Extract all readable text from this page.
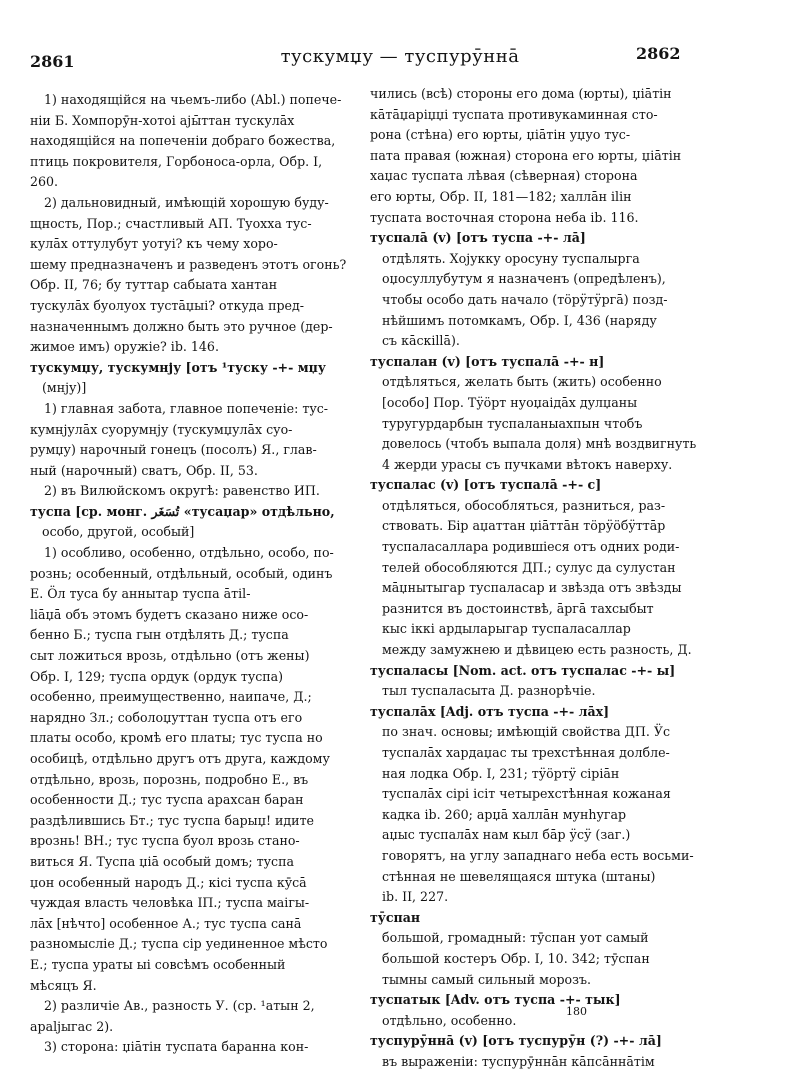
2861	тускумџу — туспурӯннā	2862
1) находящійся на чьемъ-либо (Abl.) попече-
ніи Б. Хомпорӯн-хотоі аjы̄ттан тускулāх
находящійся на попеченіи добраго божества,
птиць покровителя, Горбоноса-орла, Обр. I,
260.
2) дальновидный, имѣющій хорошую буду-
щность, Пор.; счастливый АП. Туохха тус-
кулāх оттулубут уотуі? къ чему хоро-
шему предназначенъ и разведенъ этотъ огонь?
Обр. II, 76; бу туттар сабыата хантан
тускулāх буолуох тустāџыі? откуда пред-
назначеннымъ должно быть это ручное (дер-
жимое имъ) оружіе? ib. 146.
тускумџу, тускумнју [отъ ¹туску -+- мџу
(мнју)]
1) главная забота, главное попеченіе: тус-
кумнјулāх суорумнју (тускумџулāх суо-
румџу) нарочный гонецъ (посолъ) Я., глав-
ный (нарочный) сватъ, Обр. II, 53.
2) въ Вилюйскомъ округѣ: равенство ИП.
туспа [ср. монг. تُسَغَر «тусаџар» отдѣльно,
особо, другой, особый]
1) особливо, особенно, отдѣльно, особо, по-
рознь; особенный, отдѣльный, особый, одинъ
Е. Ӧл туса бу аннытар туспа āтіl-
lіāџā объ этомъ будетъ сказано ниже осо-
бенно Б.; туспа гын отдѣлять Д.; туспа
сыт ложиться врозь, отдѣльно (отъ жены)
Обр. I, 129; туспа ордук (ордук туспа)
особенно, преимущественно, наипаче, Д.;
нарядно Зл.; соболоџуттан туспа отъ его
платы особо, кромѣ его платы; тус туспа но
особицѣ, отдѣльно другъ отъ друга, каждому
отдѣльно, врозь, порознь, подробно Е., въ
особенности Д.; тус туспа арахсан баран
раздѣлившись Бт.; тус туспа барыџ! идите
врознь! ВН.; тус туспа бyол врозь стано-
виться Я. Туспа џіā особый домъ; туспа
џон особенный народъ Д.; кісі туспа кӯсā
чуждая власть человѣка ІП.; туспа маігы-
лāх [нѣчто] особенное А.; тус туспа санā
разномысліе Д.; туспа сір уединенное мѣсто
Е.; туспа ураты ыі совсѣмъ особенный
мѣсяцъ Я.
2) различіе Ав., разность У. (ср. ¹атын 2,
араlјыгас 2).
3) сторона: џіāтін туспата баранна кон-
чились (всѣ) стороны его дома (юрты), џіāтін
кāтāџарiџџi туспата противукаминная сто-
рона (стѣна) его юрты, џіāтін уџуо тус-
пата правая (южная) сторона его юрты, џіāтін
хаџас туспата лѣвая (сѣверная) сторона
его юрты, Обр. II, 181—182; халлāн іlін
туспата восточная сторона неба ib. 116.
туспалā (v) [отъ туспа -+- лā]
отдѣлять. Хојукку оросуну туспалырга
оџосуллубутум я назначенъ (опредѣленъ),
чтобы особо дать начало (тӧрӱтӱргā) позд-
нѣйшимъ потомкамъ, Обр. I, 436 (наряду
съ кāскіllā).
туспалан (v) [отъ туспалā -+- н]
отдѣляться, желать быть (жить) особенно
[особо] Пор. Тӱӧрт нуоџаідāх дулџаны
туругурдарбын туспаланыахпын чтобъ
довелось (чтобъ выпала доля) мнѣ воздвигнуть
4 жерди урасы съ пучками вѣтокъ наверху.
туспалас (v) [отъ туспалā -+- с]
отдѣляться, обособляться, разниться, раз-
ствовать. Бір аџаттан џіāттāн тӧрӱӧбӱттāр
туспаласаллара родившіеся отъ одних роди-
телей обособляются ДП.; сулус да сулустан
мāџнытыгар туспаласар и звѣзда отъ звѣзды
разнится въ достоинствѣ, āргā тахсыбыт
кыс іккі ардыларыгар туспаласаллар
между замужнею и дѣвицею есть разность, Д.
туспаласы [Nom. act. отъ туспалас -+- ы]
тыл туспаласыта Д. разнорѣчіе.
туспалāх [Adj. отъ туспа -+- лāх]
по знач. основы; имѣющій свойства ДП. Ӱс
туспалāх хардаџас ты трехстѣнная долбле-
ная лодка Обр. I, 231; тӱӧртӱ сірiāн
туспалāх сірі ісіт четырехстѣнная кожаная
кадка ib. 260; арџā халлāн мунhугар
аџыс туспалāх нам кыл бāр ӱсӱ (заг.)
говорятъ, на углу западнаго неба есть восьми-
стѣнная не шевелящаяся штука (штаны)
ib. II, 227.
тӯспан
большой, громадный: тӯспан уот самый
большой костеръ Обр. I, 10. 342; тӯспан
тымны самый сильный морозъ.
туспатык [Adv. отъ туспа -+- тык]
отдѣльно, особенно.
туспурӯннā (v) [отъ туспурӯн (?) -+- лā]
въ выраженіи: туспурӯннāн кāпсāннāтім
180
